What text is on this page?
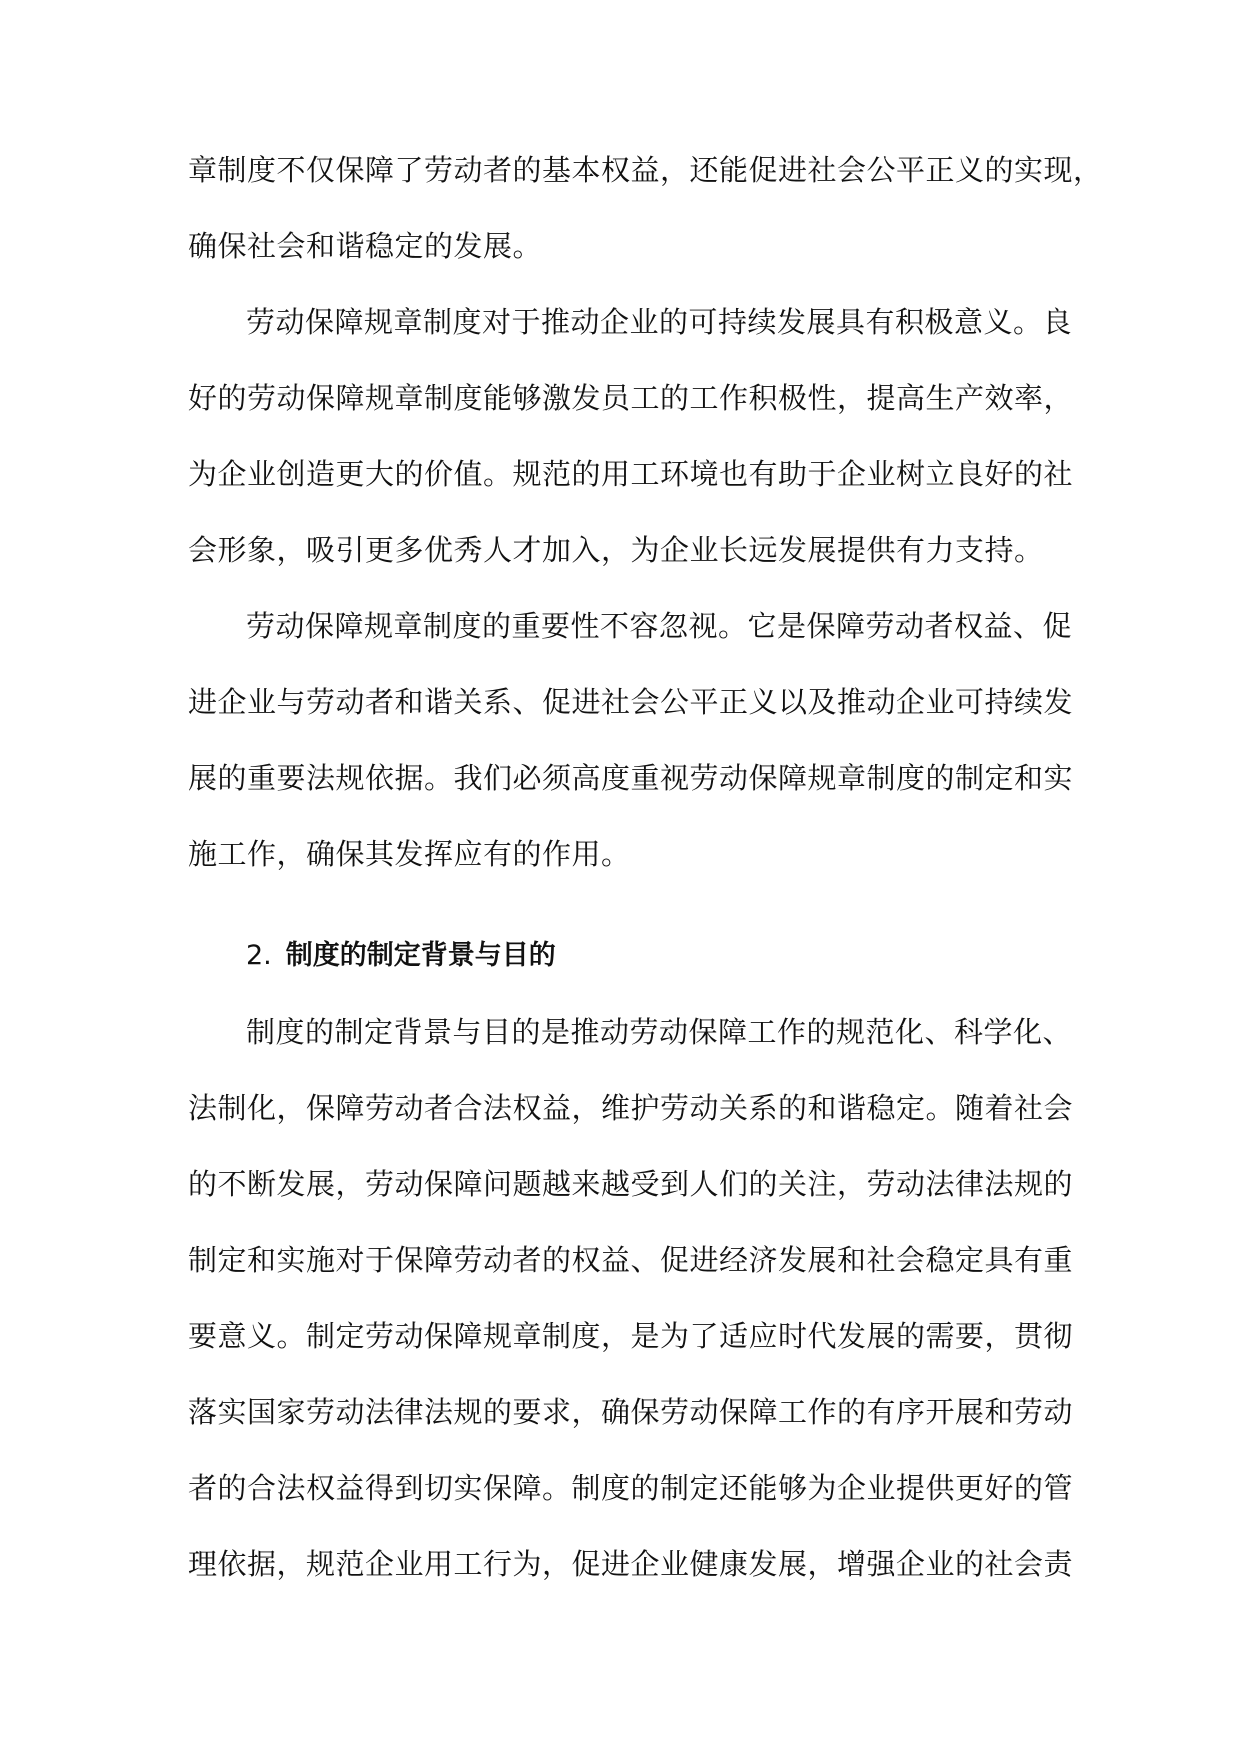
章制度不仅保障了劳动者的基本权益，还能促进社会公平正义的实现，
确保社会和谐稳定的发展。
劳动保障规章制度对于推动企业的可持续发展具有积极意义。良
好的劳动保障规章制度能够激发员工的工作积极性，提高生产效率，
为企业创造更大的价值。规范的用工环境也有助于企业树立良好的社
会形象，吸引更多优秀人才加入，为企业长远发展提供有力支持。
劳动保障规章制度的重要性不容忽视。它是保障劳动者权益、促
进企业与劳动者和谐关系、促进社会公平正义以及推动企业可持续发
展的重要法规依据。我们必须高度重视劳动保障规章制度的制定和实
施工作，确保其发挥应有的作用。
2. 制度的制定背景与目的
制度的制定背景与目的是推动劳动保障工作的规范化、科学化、
法制化，保障劳动者合法权益，维护劳动关系的和谐稳定。随着社会
的不断发展，劳动保障问题越来越受到人们的关注，劳动法律法规的
制定和实施对于保障劳动者的权益、促进经济发展和社会稳定具有重
要意义。制定劳动保障规章制度，是为了适应时代发展的需要，贯彻
落实国家劳动法律法规的要求，确保劳动保障工作的有序开展和劳动
者的合法权益得到切实保障。制度的制定还能够为企业提供更好的管
理依据，规范企业用工行为，促进企业健康发展，增强企业的社会责
